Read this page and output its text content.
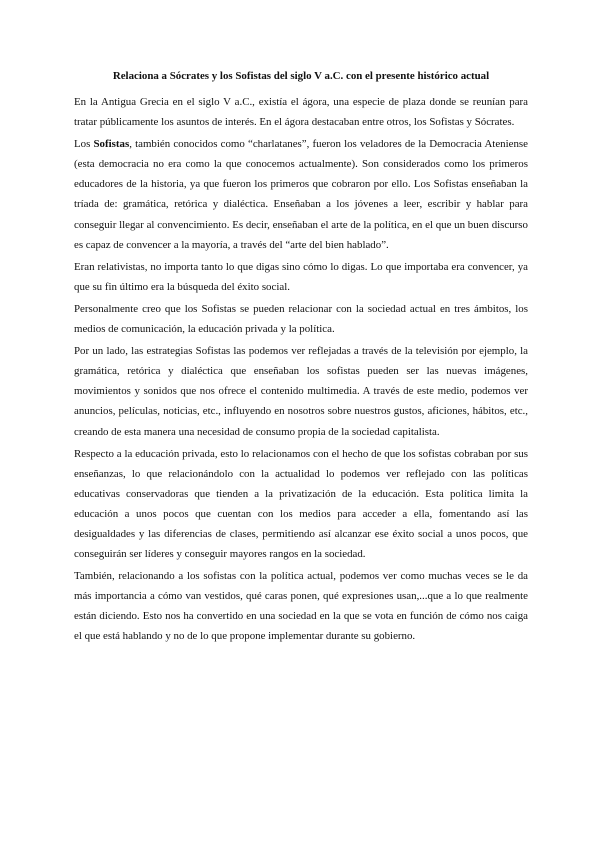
Relaciona a Sócrates y los Sofistas del siglo V a.C. con el presente histórico actual

En la Antigua Grecia en el siglo V a.C., existía el ágora, una especie de plaza donde se reunían para tratar públicamente los asuntos de interés. En el ágora destacaban entre otros, los Sofistas y Sócrates.

Los Sofistas, también conocidos como “charlatanes”, fueron los veladores de la Democracia Ateniense (esta democracia no era como la que conocemos actualmente). Son considerados como los primeros educadores de la historia, ya que fueron los primeros que cobraron por ello. Los Sofistas enseñaban la tríada de: gramática, retórica y dialéctica. Enseñaban a los jóvenes a leer, escribir y hablar para conseguir llegar al convencimiento. Es decir, enseñaban el arte de la política, en el que un buen discurso es capaz de convencer a la mayoría, a través del “arte del bien hablado”.

Eran relativistas, no importa tanto lo que digas sino cómo lo digas. Lo que importaba era convencer, ya que su fin último era la búsqueda del éxito social.

Personalmente creo que los Sofistas se pueden relacionar con la sociedad actual en tres ámbitos, los medios de comunicación, la educación privada y la política.

Por un lado, las estrategias Sofistas las podemos ver reflejadas a través de la televisión por ejemplo, la gramática, retórica y dialéctica que enseñaban los sofistas pueden ser las nuevas imágenes, movimientos y sonidos que nos ofrece el contenido multimedia. A través de este medio, podemos ver anuncios, películas, noticias, etc., influyendo en nosotros sobre nuestros gustos, aficiones, hábitos, etc., creando de esta manera una necesidad de consumo propia de la sociedad capitalista.

Respecto a la educación privada, esto lo relacionamos con el hecho de que los sofistas cobraban por sus enseñanzas, lo que relacionándolo con la actualidad lo podemos ver reflejado con las políticas educativas conservadoras que tienden a la privatización de la educación. Esta política limita la educación a unos pocos que cuentan con los medios para acceder a ella, fomentando así las desigualdades y las diferencias de clases, permitiendo así alcanzar ese éxito social a unos pocos, que conseguirán ser líderes y conseguir mayores rangos en la sociedad.

También, relacionando a los sofistas con la política actual, podemos ver como muchas veces se le da más importancia a cómo van vestidos, qué caras ponen, qué expresiones usan,...que a lo que realmente están diciendo. Esto nos ha convertido en una sociedad en la que se vota en función de cómo nos caiga el que está hablando y no de lo que propone implementar durante su gobierno.
